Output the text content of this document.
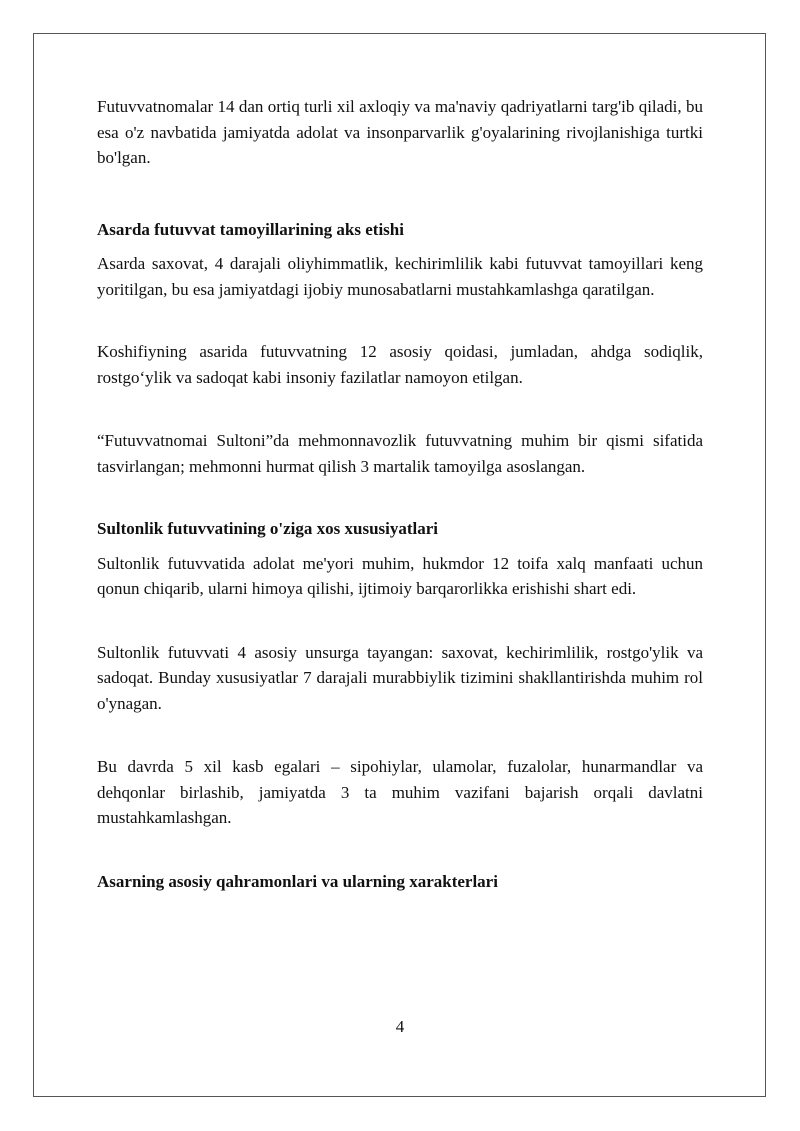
Futuvvatnomalar 14 dan ortiq turli xil axloqiy va ma'naviy qadriyatlarni targ'ib qiladi, bu esa o'z navbatida jamiyatda adolat va insonparvarlik g'oyalarining rivojlanishiga turtki bo'lgan.

Asarda futuvvat tamoyillarining aks etishi

Asarda saxovat, 4 darajali oliyhimmatlik, kechirimlilik kabi futuvvat tamoyillari keng yoritilgan, bu esa jamiyatdagi ijobiy munosabatlarni mustahkamlashga qaratilgan.

Koshifiyning asarida futuvvatning 12 asosiy qoidasi, jumladan, ahdga sodiqlik, rostgo‘ylik va sadoqat kabi insoniy fazilatlar namoyon etilgan.

“Futuvvatnomai Sultoni”da mehmonnavozlik futuvvatning muhim bir qismi sifatida tasvirlangan; mehmonni hurmat qilish 3 martalik tamoyilga asoslangan.

Sultonlik futuvvatining o'ziga xos xususiyatlari

Sultonlik futuvvatida adolat me'yori muhim, hukmdor 12 toifa xalq manfaati uchun qonun chiqarib, ularni himoya qilishi, ijtimoiy barqarorlikka erishishi shart edi.

Sultonlik futuvvati 4 asosiy unsurga tayangan: saxovat, kechirimlilik, rostgo'ylik va sadoqat. Bunday xususiyatlar 7 darajali murabbiylik tizimini shakllantirishda muhim rol o'ynagan.

Bu davrda 5 xil kasb egalari – sipohiylar, ulamolar, fuzalolar, hunarmandlar va dehqonlar birlashib, jamiyatda 3 ta muhim vazifani bajarish orqali davlatni mustahkamlashgan.

Asarning asosiy qahramonlari va ularning xarakterlari
4
